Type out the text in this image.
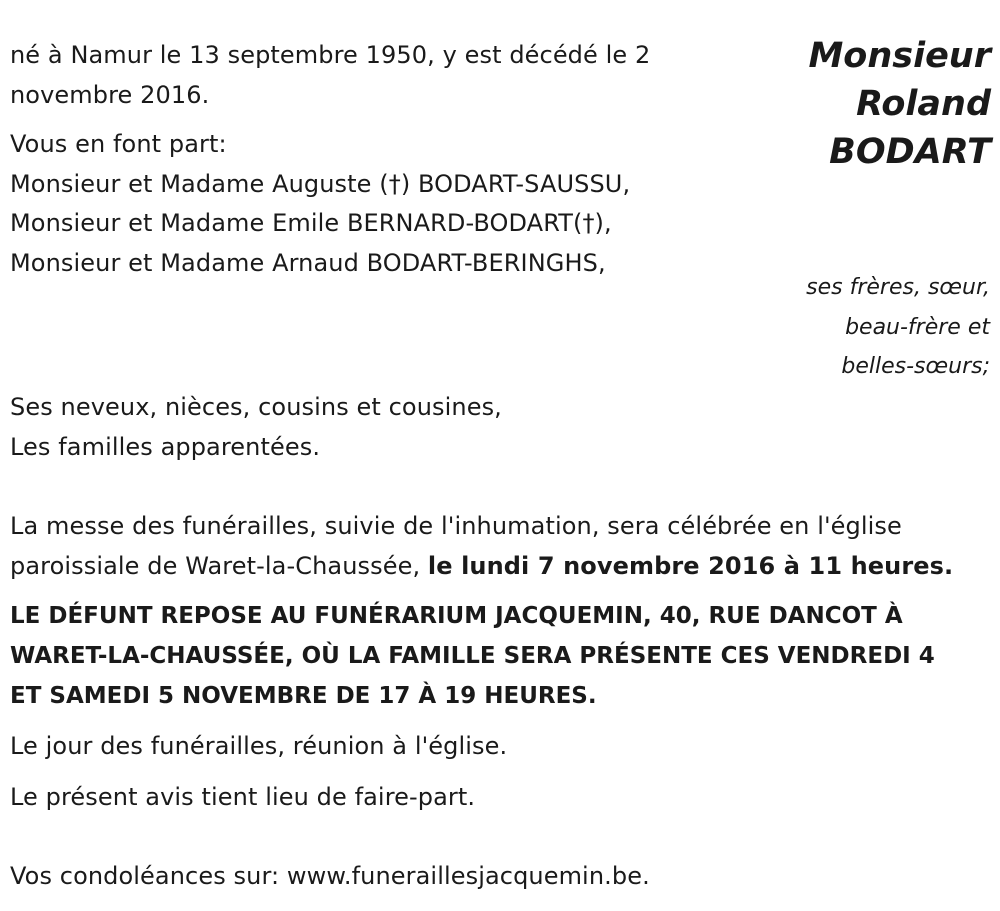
Monsieur
Roland
BODART
né à Namur le 13 septembre 1950, y est décédé le 2
novembre 2016.
Vous en font part:
Monsieur et Madame Auguste (†) BODART-SAUSSU,
Monsieur et Madame Emile BERNARD-BODART(†),
Monsieur et Madame Arnaud BODART-BERINGHS,
ses frères, sœur,
beau-frère et
belles-sœurs;
Ses neveux, nièces, cousins et cousines,
Les familles apparentées.
La messe des funérailles, suivie de l'inhumation, sera célébrée en l'église
paroissiale de Waret-la-Chaussée, le lundi 7 novembre 2016 à 11 heures.
LE DÉFUNT REPOSE AU FUNÉRARIUM JACQUEMIN, 40, RUE DANCOT À
WARET-LA-CHAUSSÉE, OÙ LA FAMILLE SERA PRÉSENTE CES VENDREDI 4
ET SAMEDI 5 NOVEMBRE DE 17 À 19 HEURES.
Le jour des funérailles, réunion à l'église.
Le présent avis tient lieu de faire-part.
Vos condoléances sur: www.funeraillesjacquemin.be.
